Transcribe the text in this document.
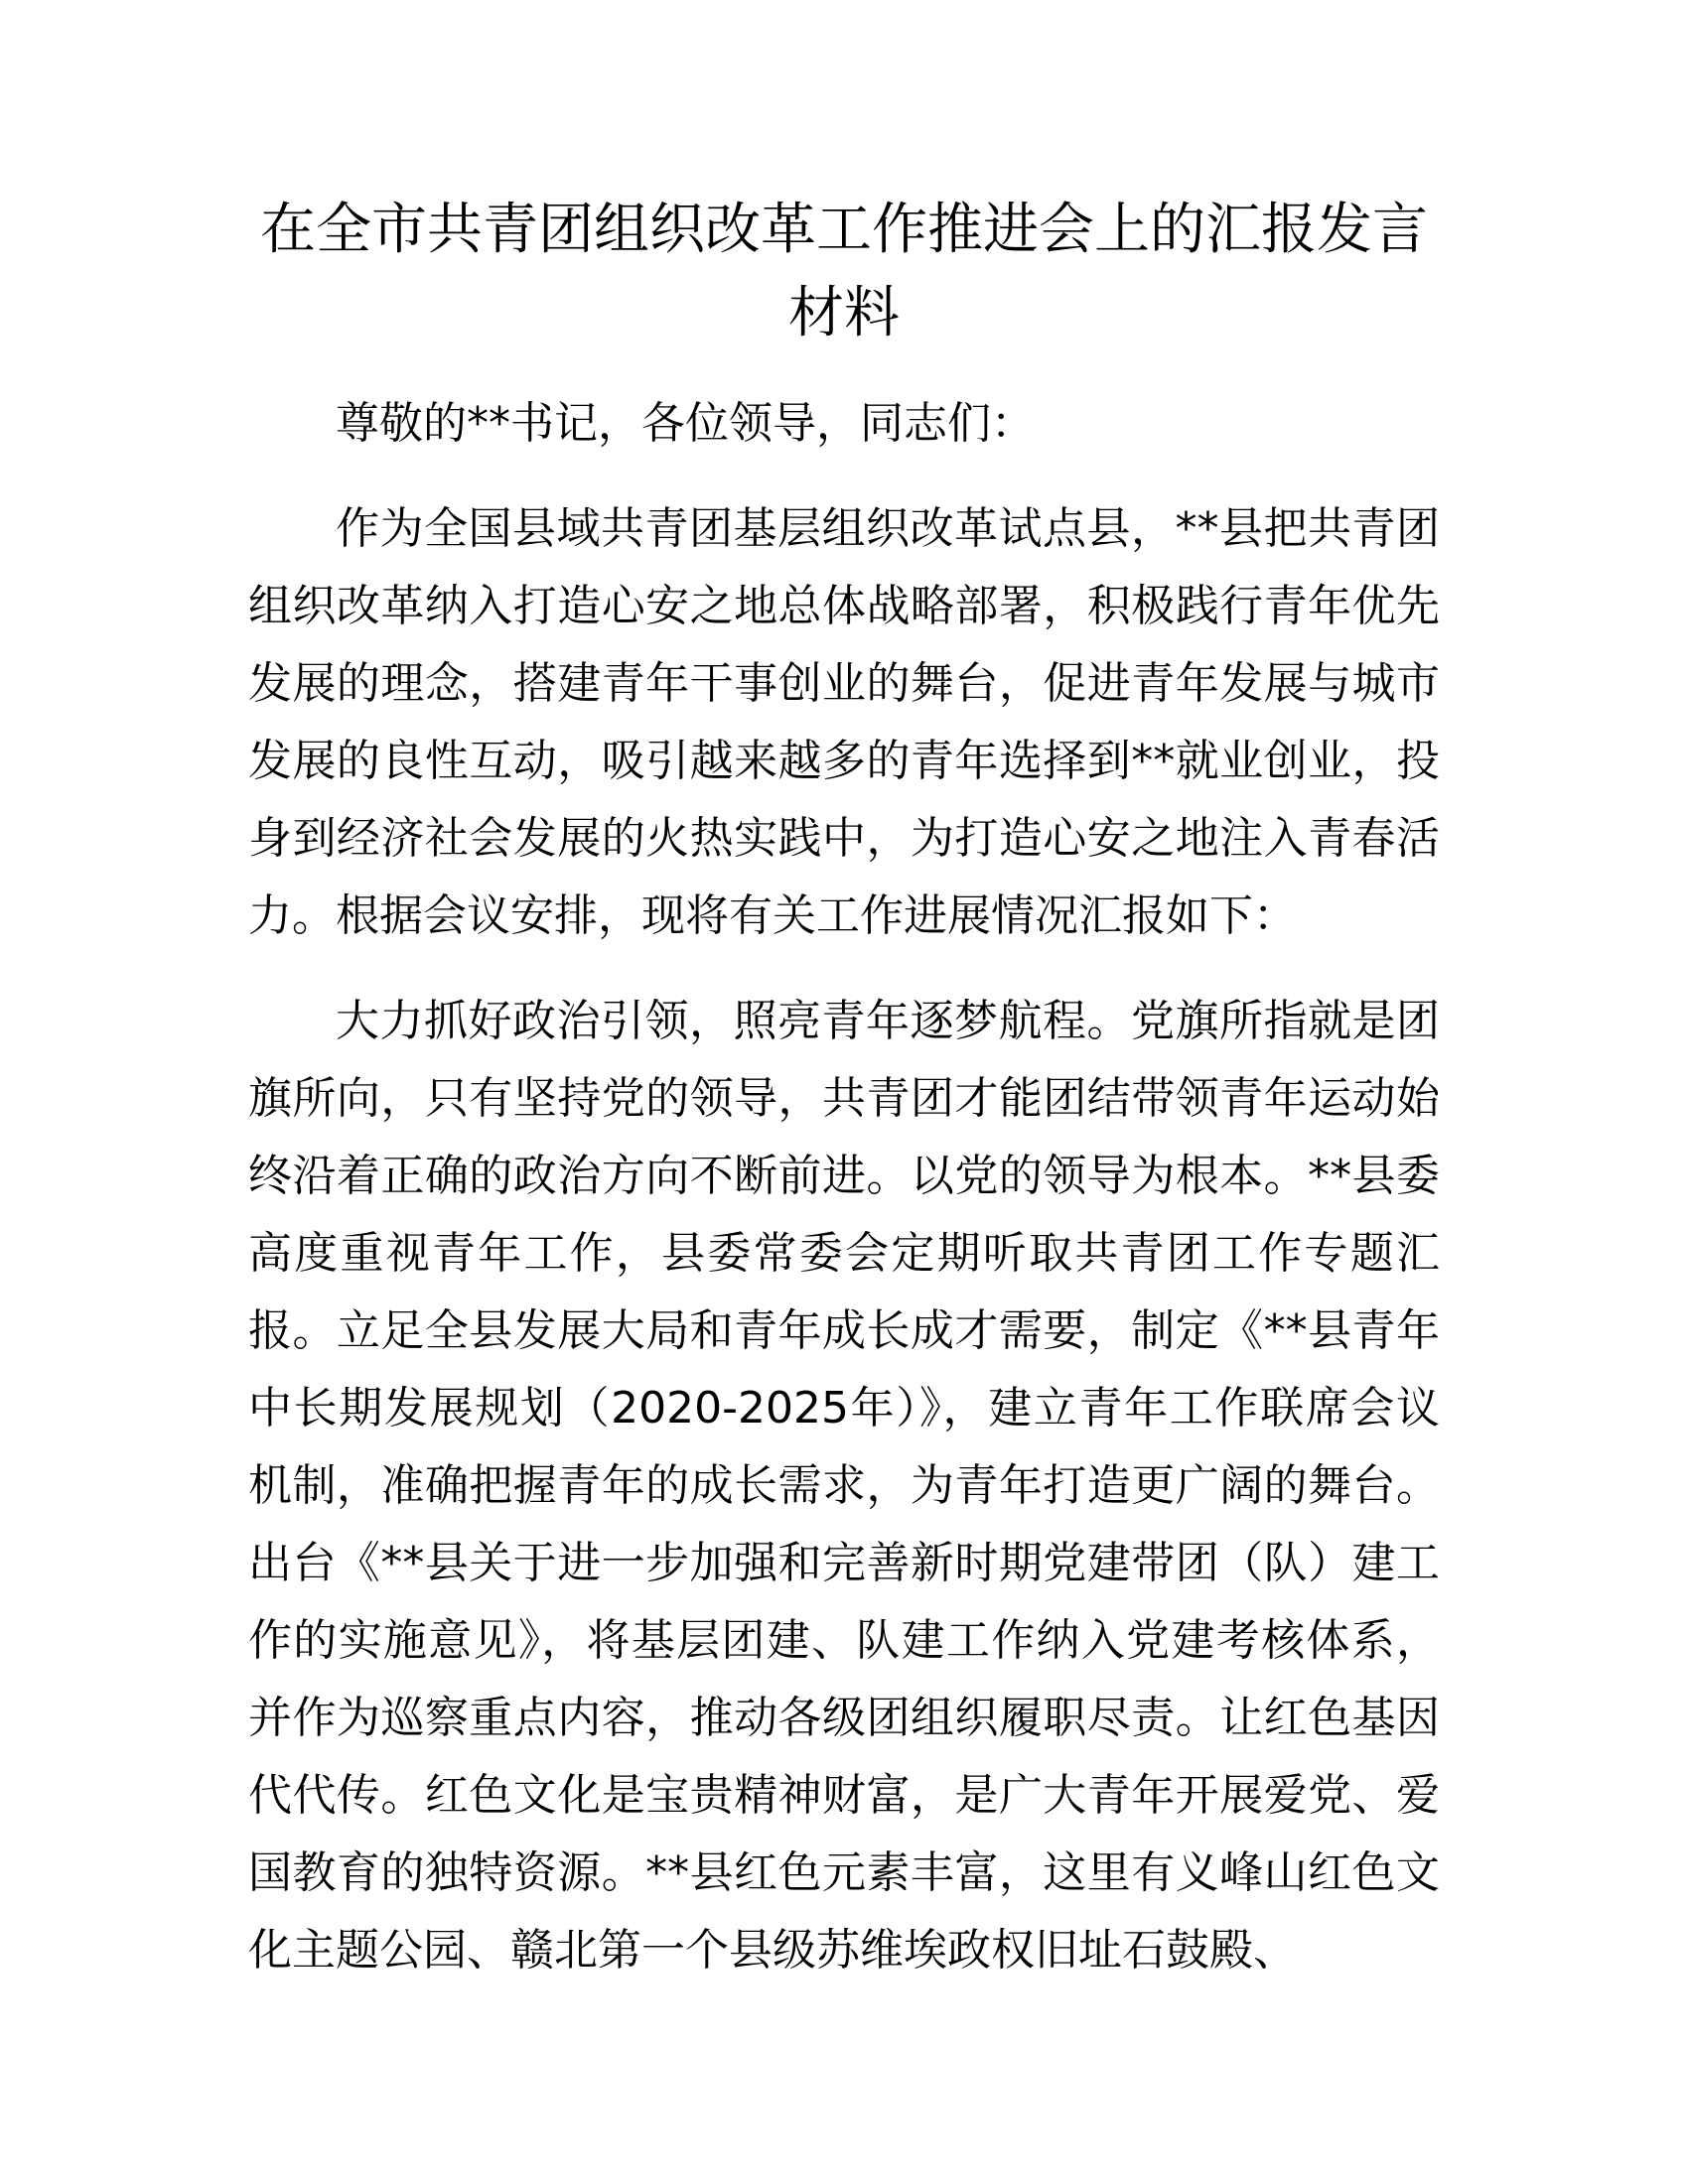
在全市共青团组织改革工作推进会上的汇报发言材料

尊敬的**书记，各位领导，同志们：

作为全国县域共青团基层组织改革试点县，**县把共青团组织改革纳入打造心安之地总体战略部署，积极践行青年优先发展的理念，搭建青年干事创业的舞台，促进青年发展与城市发展的良性互动，吸引越来越多的青年选择到**就业创业，投身到经济社会发展的火热实践中，为打造心安之地注入青春活力。根据会议安排，现将有关工作进展情况汇报如下：

大力抓好政治引领，照亮青年逐梦航程。党旗所指就是团旗所向，只有坚持党的领导，共青团才能团结带领青年运动始终沿着正确的政治方向不断前进。以党的领导为根本。**县委高度重视青年工作，县委常委会定期听取共青团工作专题汇报。立足全县发展大局和青年成长成才需要，制定《**县青年中长期发展规划（2020-2025年）》，建立青年工作联席会议机制，准确把握青年的成长需求，为青年打造更广阔的舞台。出台《**县关于进一步加强和完善新时期党建带团（队）建工作的实施意见》，将基层团建、队建工作纳入党建考核体系，并作为巡察重点内容，推动各级团组织履职尽责。让红色基因代代传。红色文化是宝贵精神财富，是广大青年开展爱党、爱国教育的独特资源。**县红色元素丰富，这里有义峰山红色文化主题公园、赣北第一个县级苏维埃政权旧址石鼓殿、
